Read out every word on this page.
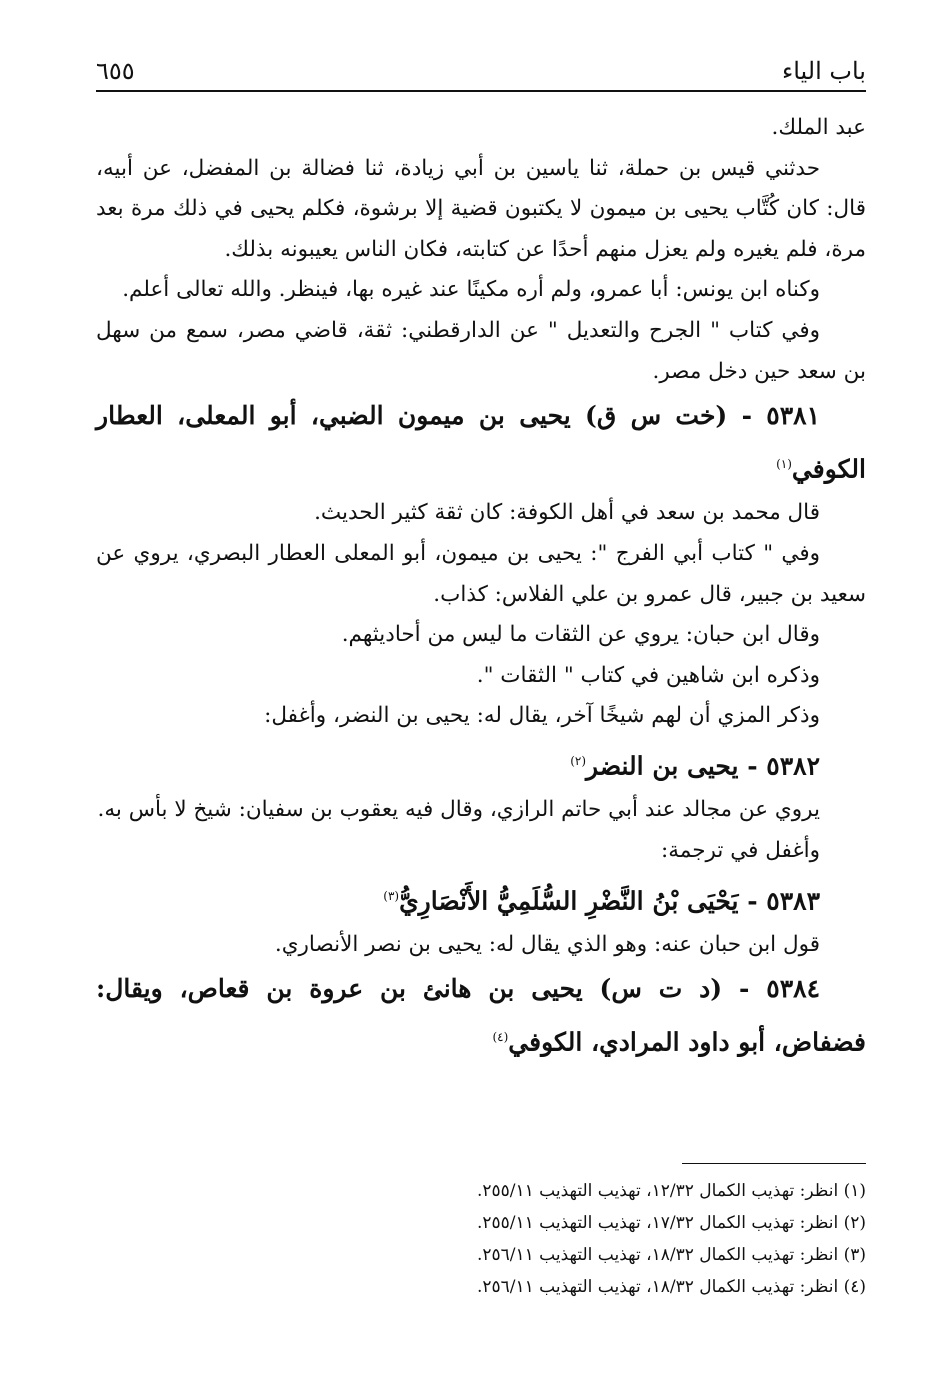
باب الياء
٦٥٥

عبد الملك.

حدثني قيس بن حملة، ثنا ياسين بن أبي زيادة، ثنا فضالة بن المفضل، عن أبيه، قال: كان كُتَّاب يحيى بن ميمون لا يكتبون قضية إلا برشوة، فكلم يحيى في ذلك مرة بعد مرة، فلم يغيره ولم يعزل منهم أحدًا عن كتابته، فكان الناس يعيبونه بذلك.

وكناه ابن يونس: أبا عمرو، ولم أره مكينًا عند غيره بها، فينظر. والله تعالى أعلم.

وفي كتاب " الجرح والتعديل " عن الدارقطني: ثقة، قاضي مصر، سمع من سهل بن سعد حين دخل مصر.

٥٣٨١ - (خت س ق) يحيى بن ميمون الضبي، أبو المعلى، العطار الكوفي$^{(١)}$

قال محمد بن سعد في أهل الكوفة: كان ثقة كثير الحديث.

وفي " كتاب أبي الفرج ": يحيى بن ميمون، أبو المعلى العطار البصري، يروي عن سعيد بن جبير، قال عمرو بن علي الفلاس: كذاب.

وقال ابن حبان: يروي عن الثقات ما ليس من أحاديثهم.

وذكره ابن شاهين في كتاب " الثقات ".

وذكر المزي أن لهم شيخًا آخر، يقال له: يحيى بن النضر، وأغفل:

٥٣٨٢ - يحيى بن النضر$^{(٢)}$

يروي عن مجالد عند أبي حاتم الرازي، وقال فيه يعقوب بن سفيان: شيخ لا بأس به.

وأغفل في ترجمة:

٥٣٨٣ - يَحْيَى بْنُ النَّضْرِ السُّلَمِيُّ الأَنْصَارِيُّ$^{(٣)}$

قول ابن حبان عنه: وهو الذي يقال له: يحيى بن نصر الأنصاري.

٥٣٨٤ - (د ت س) يحيى بن هانئ بن عروة بن قعاص، ويقال: فضفاض، أبو داود المرادي، الكوفي$^{(٤)}$

(١) انظر: تهذيب الكمال ١٢/٣٢، تهذيب التهذيب ٢٥٥/١١.

(٢) انظر: تهذيب الكمال ١٧/٣٢، تهذيب التهذيب ٢٥٥/١١.

(٣) انظر: تهذيب الكمال ١٨/٣٢، تهذيب التهذيب ٢٥٦/١١.

(٤) انظر: تهذيب الكمال ١٨/٣٢، تهذيب التهذيب ٢٥٦/١١.
